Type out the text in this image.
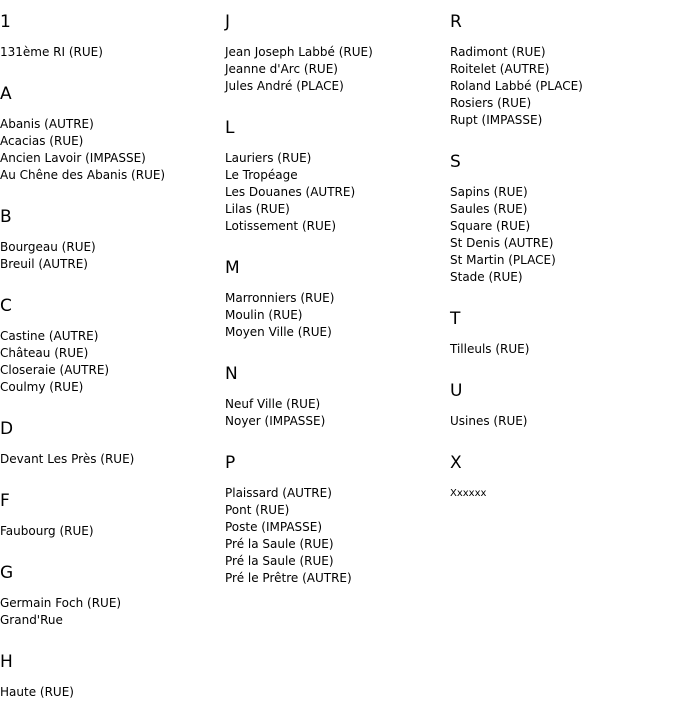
1
131ème RI (RUE)
A
Abanis (AUTRE)
Acacias (RUE)
Ancien Lavoir (IMPASSE)
Au Chêne des Abanis (RUE)
B
Bourgeau (RUE)
Breuil (AUTRE)
C
Castine (AUTRE)
Château (RUE)
Closeraie (AUTRE)
Coulmy (RUE)
D
Devant Les Près (RUE)
F
Faubourg (RUE)
G
Germain Foch (RUE)
Grand'Rue
H
Haute (RUE)
J
Jean Joseph Labbé (RUE)
Jeanne d'Arc (RUE)
Jules André (PLACE)
L
Lauriers (RUE)
Le Tropéage
Les Douanes (AUTRE)
Lilas (RUE)
Lotissement (RUE)
M
Marronniers (RUE)
Moulin (RUE)
Moyen Ville (RUE)
N
Neuf Ville (RUE)
Noyer (IMPASSE)
P
Plaissard (AUTRE)
Pont (RUE)
Poste (IMPASSE)
Pré la Saule (RUE)
Pré la Saule (RUE)
Pré le Prêtre (AUTRE)
R
Radimont (RUE)
Roitelet (AUTRE)
Roland Labbé (PLACE)
Rosiers (RUE)
Rupt (IMPASSE)
S
Sapins (RUE)
Saules (RUE)
Square (RUE)
St Denis (AUTRE)
St Martin (PLACE)
Stade (RUE)
T
Tilleuls (RUE)
U
Usines (RUE)
X
Xxxxxx
